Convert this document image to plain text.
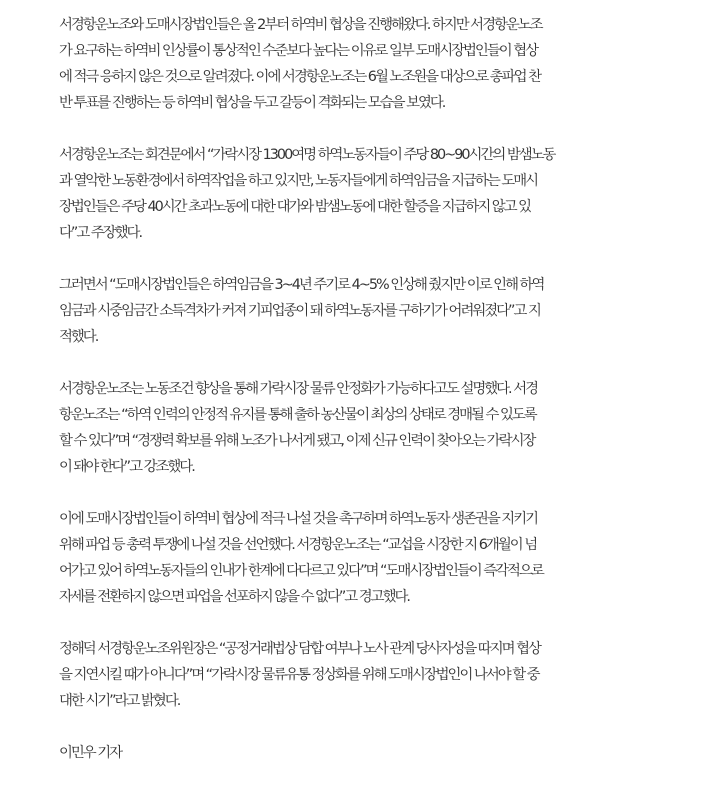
서경항운노조와 도매시장법인들은 올 2부터 하역비 협상을 진행해왔다. 하지만 서경항운노조
가 요구하는 하역비 인상률이 통상적인 수준보다 높다는 이유로 일부 도매시장법인들이 협상
에 적극 응하지 않은 것으로 알려졌다. 이에 서경항운노조는 6월 노조원을 대상으로 총파업 찬
반 투표를 진행하는 등 하역비 협상을 두고 갈등이 격화되는 모습을 보였다.
서경항운노조는 회견문에서 “가락시장 1300여명 하역노동자들이 주당 80~90시간의 밤샘노동
과 열악한 노동환경에서 하역작업을 하고 있지만, 노동자들에게 하역임금을 지급하는 도매시
장법인들은 주당 40시간 초과노동에 대한 대가와 밤샘노동에 대한 할증을 지급하지 않고 있
다”고 주장했다.
그러면서 “도매시장법인들은 하역임금을 3~4년 주기로 4~5% 인상해 줬지만 이로 인해 하역
임금과 시중임금간 소득격차가 커져 기피업종이 돼 하역노동자를 구하기가 어려워졌다”고 지
적했다.
서경항운노조는 노동조건 향상을 통해 가락시장 물류 안정화가 가능하다고도 설명했다. 서경
항운노조는 “하역 인력의 안정적 유지를 통해 출하 농산물이 최상의 상태로 경매될 수 있도록
할 수 있다”며 “경쟁력 확보를 위해 노조가 나서게 됐고, 이제 신규 인력이 찾아오는 가락시장
이 돼야 한다”고 강조했다.
이에 도매시장법인들이 하역비 협상에 적극 나설 것을 촉구하며 하역노동자 생존권을 지키기
위해 파업 등 총력 투쟁에 나설 것을 선언했다. 서경항운노조는 “교섭을 시장한 지 6개월이 넘
어가고 있어 하역노동자들의 인내가 한계에 다다르고 있다”며 “도매시장법인들이 즉각적으로
자세를 전환하지 않으면 파업을 선포하지 않을 수 없다”고 경고했다.
정해덕 서경항운노조위원장은 “공정거래법상 담합 여부나 노사 관계 당사자성을 따지며 협상
을 지연시킬 때가 아니다”며 “가락시장 물류유통 정상화를 위해 도매시장법인이 나서야 할 중
대한 시기”라고 밝혔다.
이민우 기자
